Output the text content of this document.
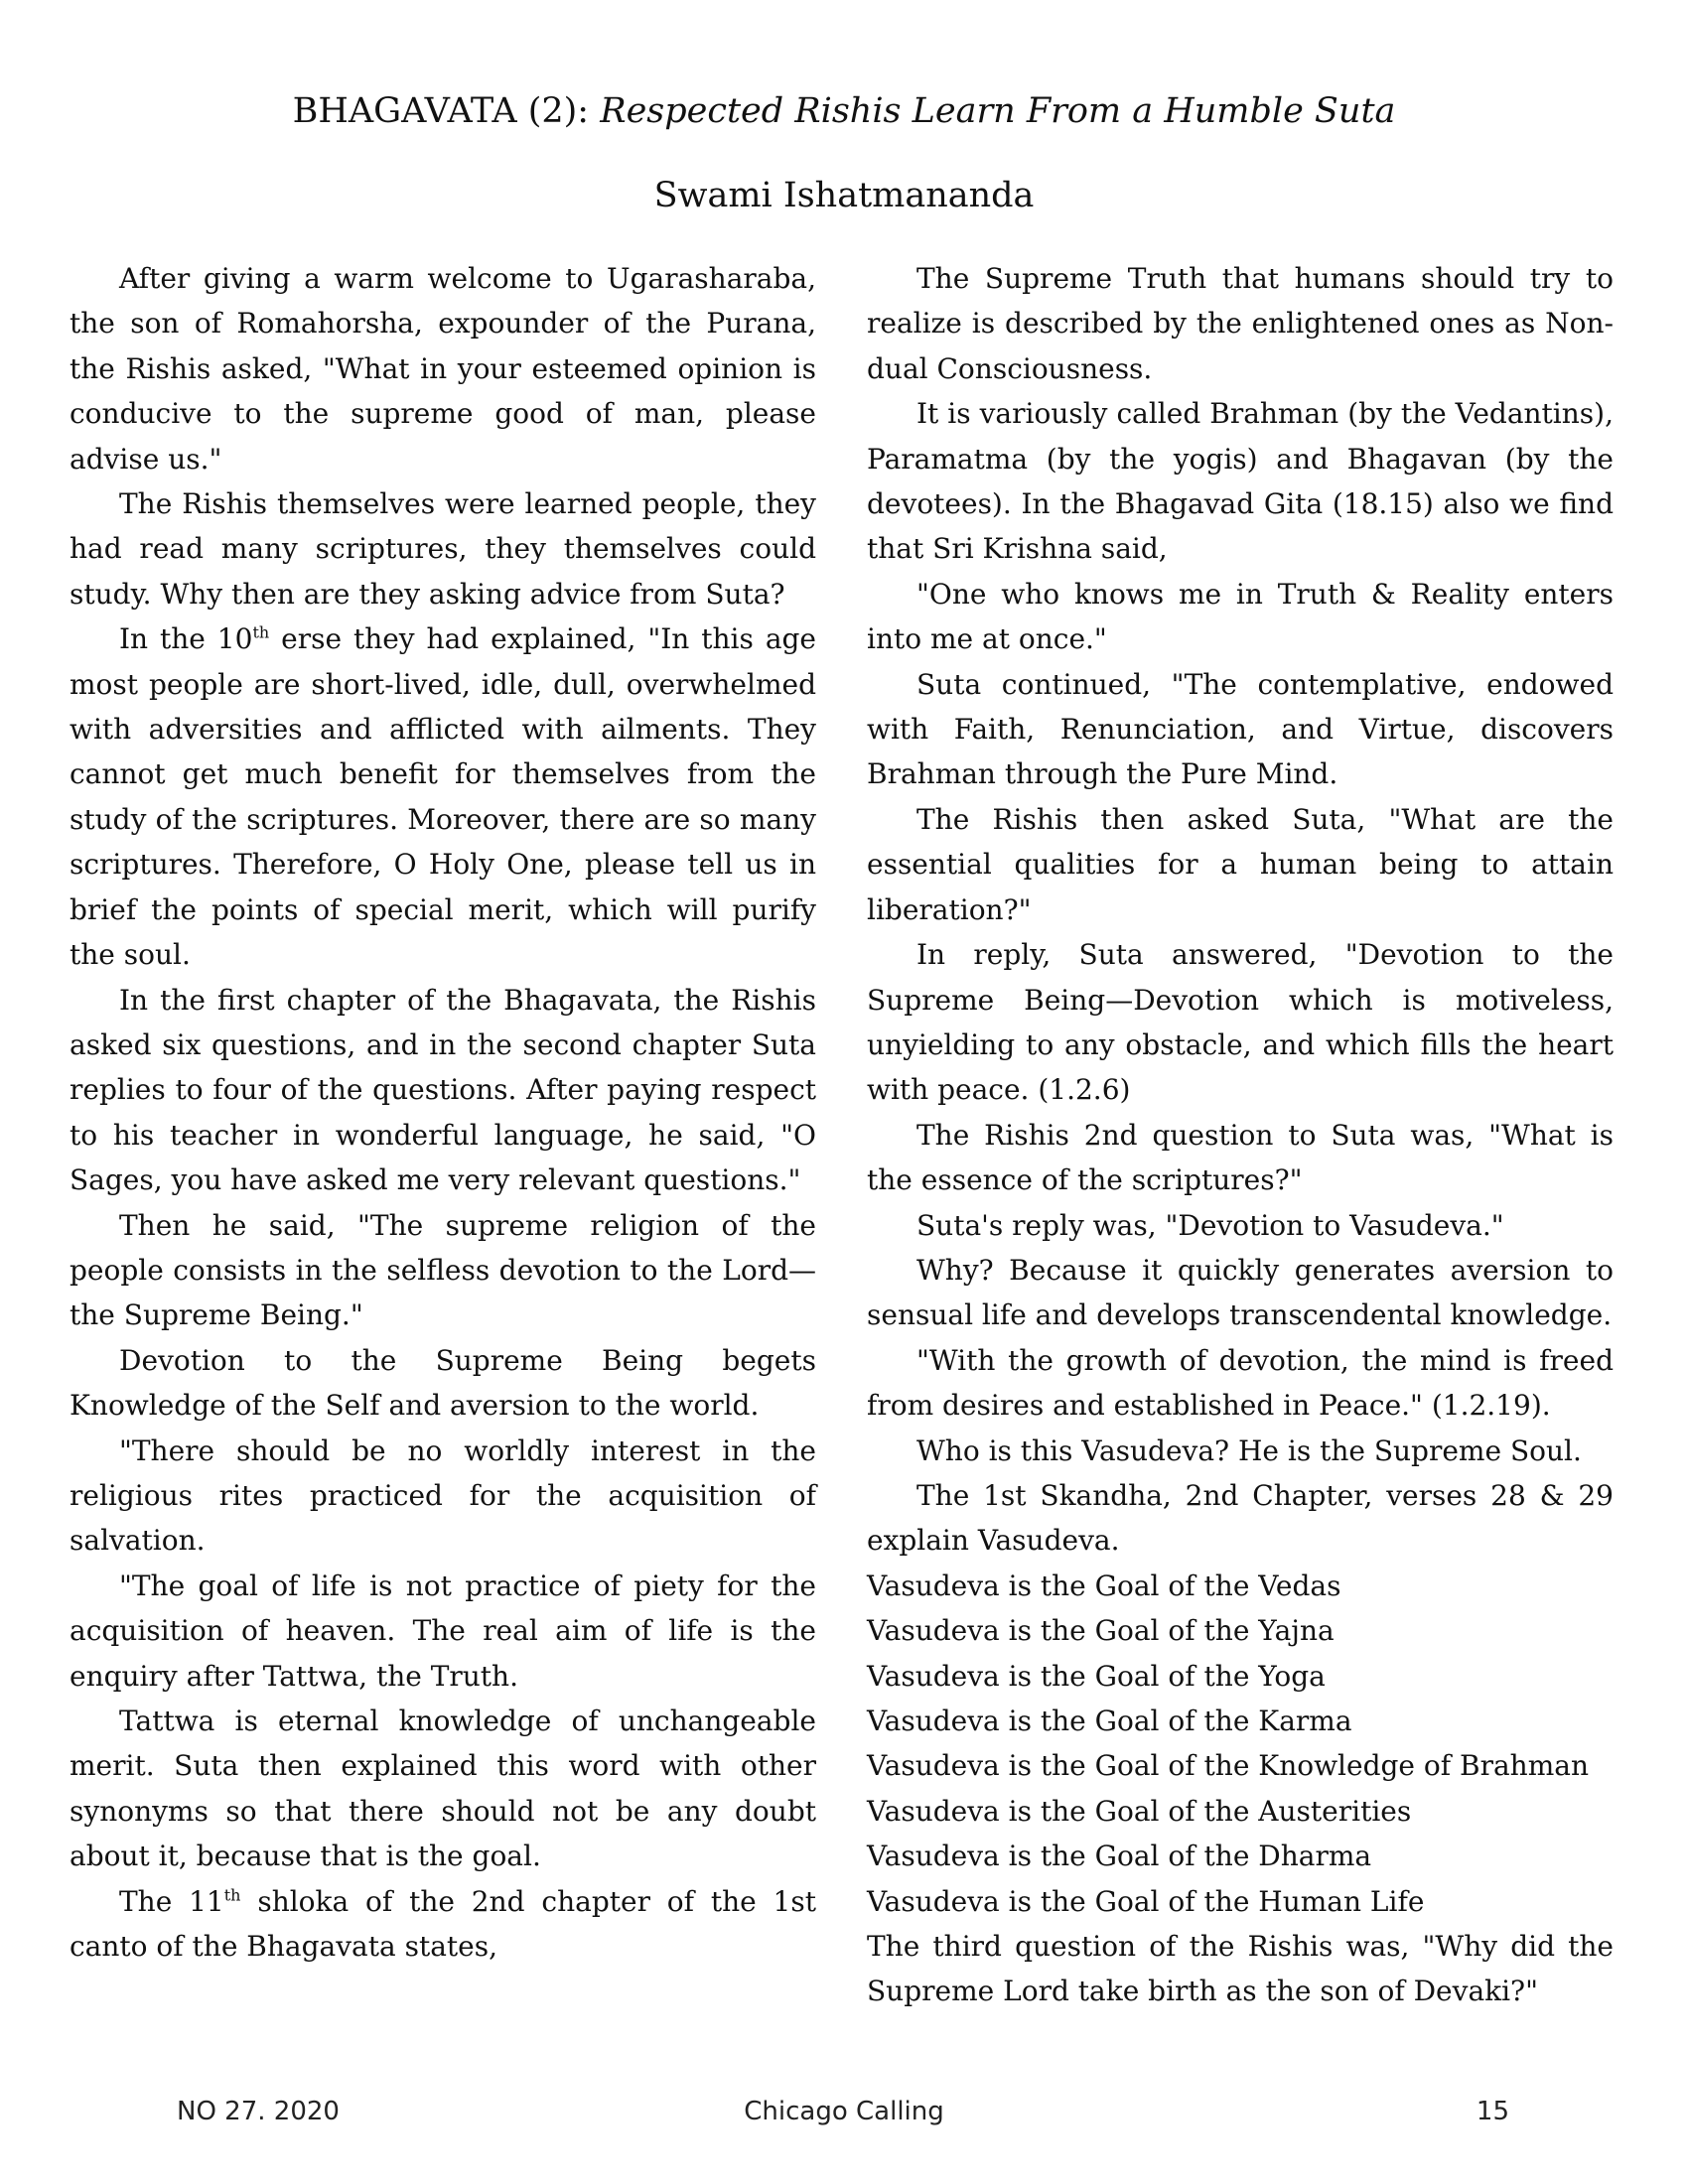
BHAGAVATA (2): Respected Rishis Learn From a Humble Suta
Swami Ishatmananda

After giving a warm welcome to Ugarasharaba, the son of Romahorsha, expounder of the Purana, the Rishis asked, "What in your esteemed opinion is conducive to the supreme good of man, please advise us."

The Rishis themselves were learned people, they had read many scriptures, they themselves could study. Why then are they asking advice from Suta?

In the 10th erse they had explained, "In this age most people are short-lived, idle, dull, overwhelmed with adversities and afflicted with ailments. They cannot get much benefit for themselves from the study of the scriptures. Moreover, there are so many scriptures. Therefore, O Holy One, please tell us in brief the points of special merit, which will purify the soul.

In the first chapter of the Bhagavata, the Rishis asked six questions, and in the second chapter Suta replies to four of the questions. After paying respect to his teacher in wonderful language, he said, "O Sages, you have asked me very relevant questions."

Then he said, "The supreme religion of the people consists in the selfless devotion to the Lord—the Supreme Being."

Devotion to the Supreme Being begets Knowledge of the Self and aversion to the world.

"There should be no worldly interest in the religious rites practiced for the acquisition of salvation.

"The goal of life is not practice of piety for the acquisition of heaven. The real aim of life is the enquiry after Tattwa, the Truth.

Tattwa is eternal knowledge of unchangeable merit. Suta then explained this word with other synonyms so that there should not be any doubt about it, because that is the goal.

The 11th shloka of the 2nd chapter of the 1st canto of the Bhagavata states,

The Supreme Truth that humans should try to realize is described by the enlightened ones as Non-dual Consciousness.

It is variously called Brahman (by the Vedantins), Paramatma (by the yogis) and Bhagavan (by the devotees). In the Bhagavad Gita (18.15) also we find that Sri Krishna said,

"One who knows me in Truth & Reality enters into me at once."

Suta continued, "The contemplative, endowed with Faith, Renunciation, and Virtue, discovers Brahman through the Pure Mind.

The Rishis then asked Suta, "What are the essential qualities for a human being to attain liberation?"

In reply, Suta answered, "Devotion to the Supreme Being—Devotion which is motiveless, unyielding to any obstacle, and which fills the heart with peace. (1.2.6)

The Rishis 2nd question to Suta was, "What is the essence of the scriptures?"

Suta's reply was, "Devotion to Vasudeva."

Why? Because it quickly generates aversion to sensual life and develops transcendental knowledge.

"With the growth of devotion, the mind is freed from desires and established in Peace." (1.2.19).

Who is this Vasudeva? He is the Supreme Soul.

The 1st Skandha, 2nd Chapter, verses 28 & 29 explain Vasudeva.

Vasudeva is the Goal of the Vedas

Vasudeva is the Goal of the Yajna

Vasudeva is the Goal of the Yoga

Vasudeva is the Goal of the Karma

Vasudeva is the Goal of the Knowledge of Brahman

Vasudeva is the Goal of the Austerities

Vasudeva is the Goal of the Dharma

Vasudeva is the Goal of the Human Life

The third question of the Rishis was, "Why did the Supreme Lord take birth as the son of Devaki?"

NO 27. 2020	Chicago Calling	15
